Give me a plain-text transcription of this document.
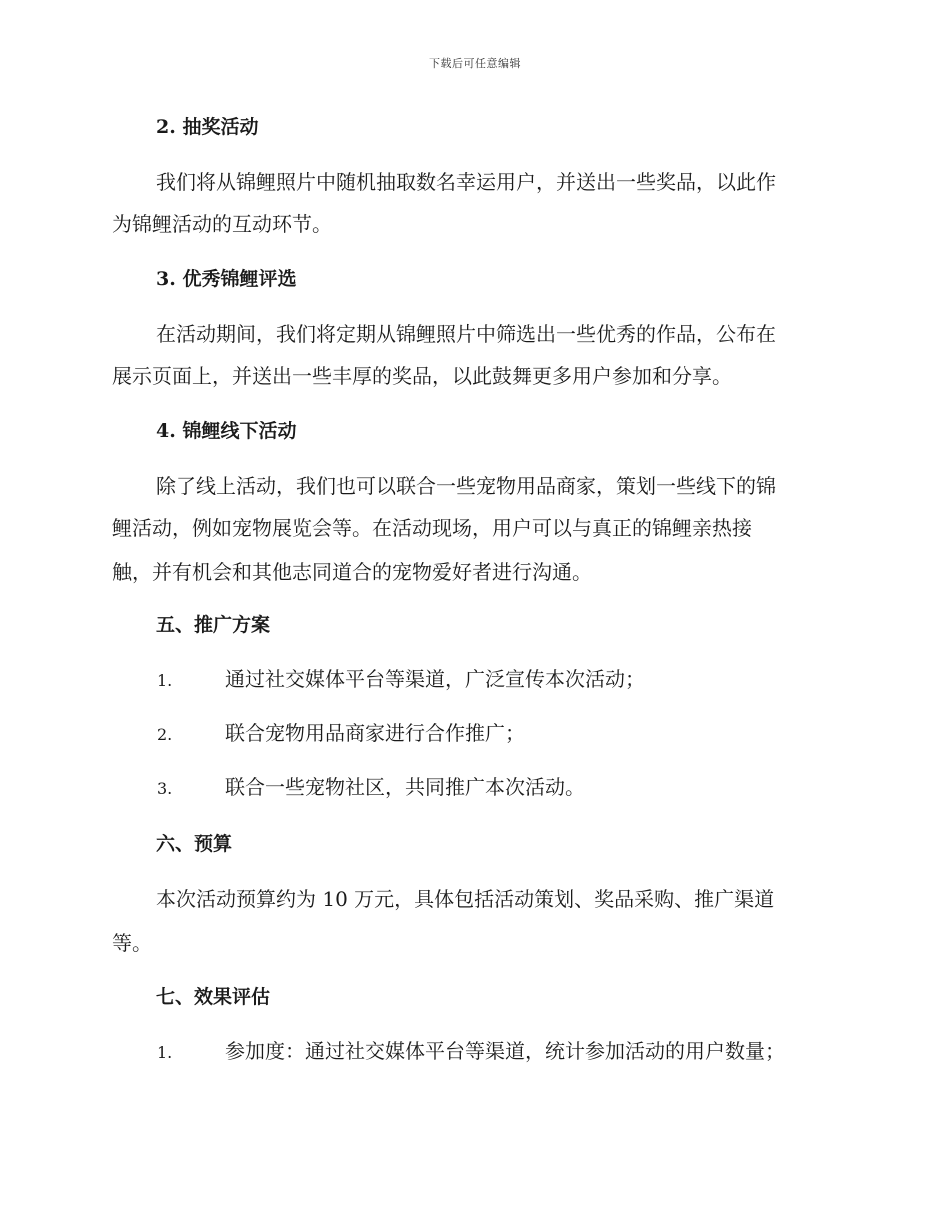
下载后可任意编辑
2. 抽奖活动
我们将从锦鲤照片中随机抽取数名幸运用户，并送出一些奖品，以此作
为锦鲤活动的互动环节。
3. 优秀锦鲤评选
在活动期间，我们将定期从锦鲤照片中筛选出一些优秀的作品，公布在
展示页面上，并送出一些丰厚的奖品，以此鼓舞更多用户参加和分享。
4. 锦鲤线下活动
除了线上活动，我们也可以联合一些宠物用品商家，策划一些线下的锦
鲤活动，例如宠物展览会等。在活动现场，用户可以与真正的锦鲤亲热接
触，并有机会和其他志同道合的宠物爱好者进行沟通。
五、推广方案
1.	通过社交媒体平台等渠道，广泛宣传本次活动；
2.	联合宠物用品商家进行合作推广；
3.	联合一些宠物社区，共同推广本次活动。
六、预算
本次活动预算约为 10 万元，具体包括活动策划、奖品采购、推广渠道
等。
七、效果评估
1.	参加度：通过社交媒体平台等渠道，统计参加活动的用户数量；
